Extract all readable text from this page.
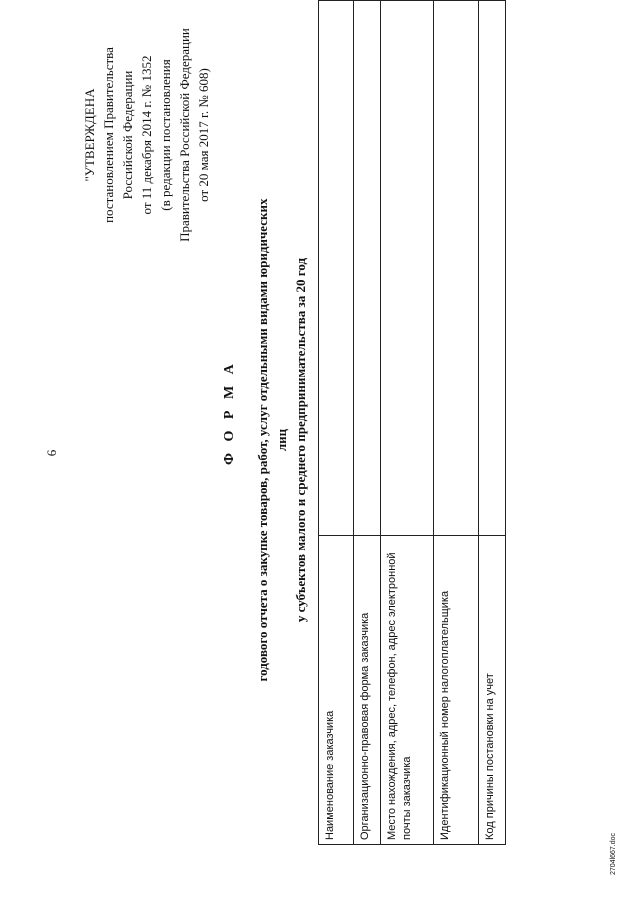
6
"УТВЕРЖДЕНА постановлением Правительства Российской Федерации от 11 декабря 2014 г. № 1352 (в редакции постановления Правительства Российской Федерации от 20 мая 2017 г. № 608)
Ф О Р М А годового отчета о закупке товаров, работ, услуг отдельными видами юридических лиц у субъектов малого и среднего предпринимательства за 20 год
Наименование заказчика	
Организационно-правовая форма заказчика	
Место нахождения, адрес, телефон, адрес электронной почты заказчика	
Идентификационный номер налогоплательщика	
Код причины постановки на учет	
2704l667.doc
